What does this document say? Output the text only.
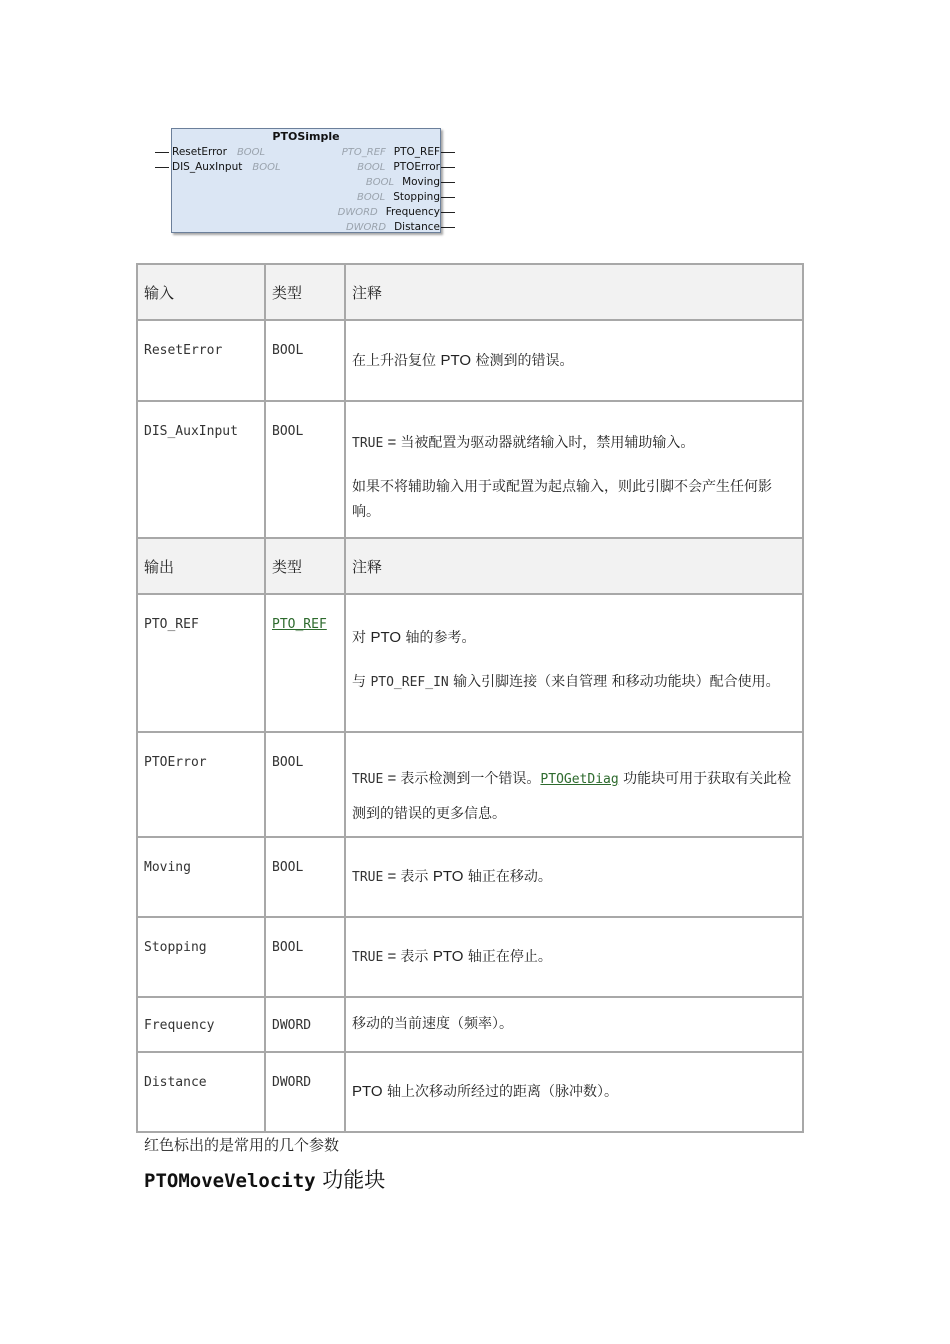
PTOSimple
ResetError BOOL
DIS_AuxInput BOOL
PTO_REF PTO_REF
BOOL PTOError
BOOL Moving
BOOL Stopping
DWORD Frequency
DWORD Distance
输入	类型	注释

ResetError	BOOL	在上升沿复位 PTO 检测到的错误。

DIS_AuxInput	BOOL	TRUE = 当被配置为驱动器就绪输入时，禁用辅助输入。

如果不将辅助输入用于或配置为起点输入，则此引脚不会产生任何影响。

输出	类型	注释

PTO_REF	PTO_REF	对 PTO 轴的参考。

与 PTO_REF_IN 输入引脚连接（来自管理 和移动功能块）配合使用。

PTOError	BOOL	TRUE = 表示检测到一个错误。PTOGetDiag 功能块可用于获取有关此检测到的错误的更多信息。

Moving	BOOL	TRUE = 表示 PTO 轴正在移动。

Stopping	BOOL	TRUE = 表示 PTO 轴正在停止。

Frequency	DWORD	移动的当前速度（频率）。

Distance	DWORD	PTO 轴上次移动所经过的距离（脉冲数）。

红色标出的是常用的几个参数
PTOMoveVelocity 功能块
